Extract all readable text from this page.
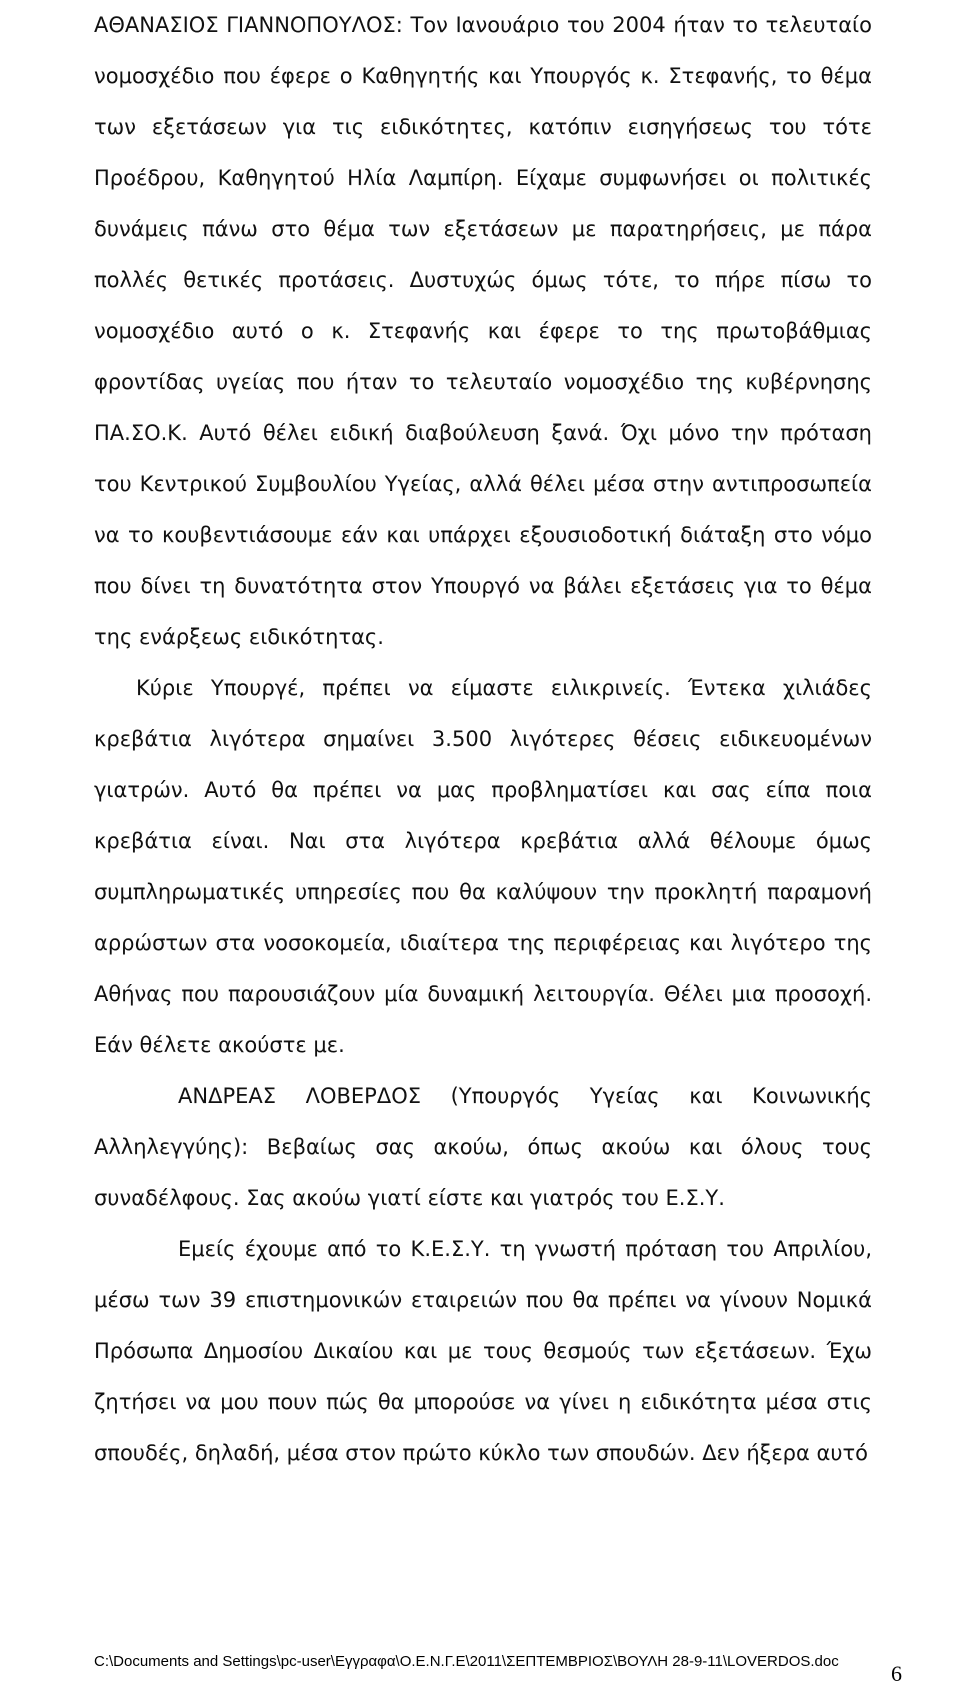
ΑΘΑΝΑΣΙΟΣ ΓΙΑΝΝΟΠΟΥΛΟΣ: Τον Ιανουάριο του 2004 ήταν το τελευταίο νομοσχέδιο που έφερε ο Καθηγητής και Υπουργός κ. Στεφανής, το θέμα των εξετάσεων για τις ειδικότητες, κατόπιν εισηγήσεως του τότε Προέδρου, Καθηγητού Ηλία Λαμπίρη. Είχαμε συμφωνήσει οι πολιτικές δυνάμεις πάνω στο θέμα των εξετάσεων με παρατηρήσεις, με πάρα πολλές θετικές προτάσεις. Δυστυχώς όμως τότε, το πήρε πίσω το νομοσχέδιο αυτό ο κ. Στεφανής και έφερε το της πρωτοβάθμιας φροντίδας υγείας που ήταν το τελευταίο νομοσχέδιο της κυβέρνησης ΠΑ.ΣΟ.Κ. Αυτό θέλει ειδική διαβούλευση ξανά. Όχι μόνο την πρόταση του Κεντρικού Συμβουλίου Υγείας, αλλά θέλει μέσα στην αντιπροσωπεία να το κουβεντιάσουμε εάν και υπάρχει εξουσιοδοτική διάταξη στο νόμο που δίνει τη δυνατότητα στον Υπουργό να βάλει εξετάσεις για το θέμα της ενάρξεως ειδικότητας.

Κύριε Υπουργέ, πρέπει να είμαστε ειλικρινείς. Έντεκα χιλιάδες κρεβάτια λιγότερα σημαίνει 3.500 λιγότερες θέσεις ειδικευομένων γιατρών. Αυτό θα πρέπει να μας προβληματίσει και σας είπα ποια κρεβάτια είναι. Ναι στα λιγότερα κρεβάτια αλλά θέλουμε όμως συμπληρωματικές υπηρεσίες που θα καλύψουν την προκλητή παραμονή αρρώστων στα νοσοκομεία, ιδιαίτερα της περιφέρειας και λιγότερο της Αθήνας που παρουσιάζουν μία δυναμική λειτουργία. Θέλει μια προσοχή. Εάν θέλετε ακούστε με.

ΑΝΔΡΕΑΣ ΛΟΒΕΡΔΟΣ (Υπουργός Υγείας και Κοινωνικής Αλληλεγγύης): Βεβαίως σας ακούω, όπως ακούω και όλους τους συναδέλφους. Σας ακούω γιατί είστε και γιατρός του Ε.Σ.Υ.

Εμείς έχουμε από το Κ.Ε.Σ.Υ. τη γνωστή πρόταση του Απριλίου, μέσω των 39 επιστημονικών εταιρειών που θα πρέπει να γίνουν Νομικά Πρόσωπα Δημοσίου Δικαίου και με τους θεσμούς των εξετάσεων. Έχω ζητήσει να μου πουν πώς θα μπορούσε να γίνει η ειδικότητα μέσα στις σπουδές, δηλαδή, μέσα στον πρώτο κύκλο των σπουδών. Δεν ήξερα αυτό

C:\Documents and Settings\pc-user\Εγγραφα\Ο.Ε.Ν.Γ.Ε\2011\ΣΕΠΤΕΜΒΡΙΟΣ\ΒΟΥΛΗ 28-9-11\LOVERDOS.doc 6
